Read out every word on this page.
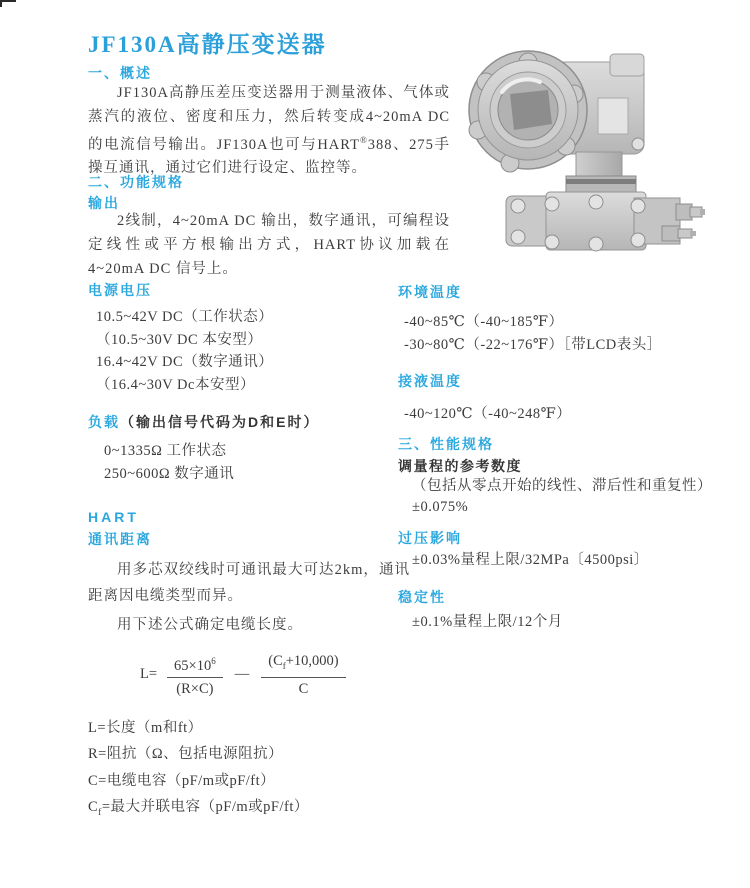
JF130A高静压变送器
一、概述

JF130A高静压差压变送器用于测量液体、气体或蒸汽的液位、密度和压力，然后转变成4~20mA DC 的电流信号输出。JF130A也可与HART®388、275手操互通讯，通过它们进行设定、监控等。

二、功能规格
输出

2线制，4~20mA DC 输出，数字通讯，可编程设定线性或平方根输出方式，HART协议加载在4~20mA DC 信号上。

电源电压
10.5~42V DC（工作状态）
（10.5~30V DC 本安型）
16.4~42V DC（数字通讯）
（16.4~30V Dc本安型）
负载（输出信号代码为D和E时）
0~1335Ω 工作状态
250~600Ω 数字通讯
HART
通讯距离

用多芯双绞线时可通讯最大可达2km，通讯距离因电缆类型而异。

用下述公式确定电缆长度。

$L= \frac{65\times 10^6}{(R\times C)}$ — $\frac{(C_f+10,000)}{C}$
L=长度（m和ft）
R=阻抗（Ω、包括电源阻抗）
C=电缆电容（pF/m或pF/ft）
$C_f=$最大并联电容（pF/m或pF/ft）
环境温度
-40~85℃（-40~185℉）
-30~80℃（-22~176℉）［带LCD表头］
接液温度
-40~120℃（-40~248℉）
三、性能规格
调量程的参考数度
（包括从零点开始的线性、滞后性和重复性）
±0.075%
过压影响
±0.03%量程上限/32MPa〔4500psi〕
稳定性
±0.1%量程上限/12个月
